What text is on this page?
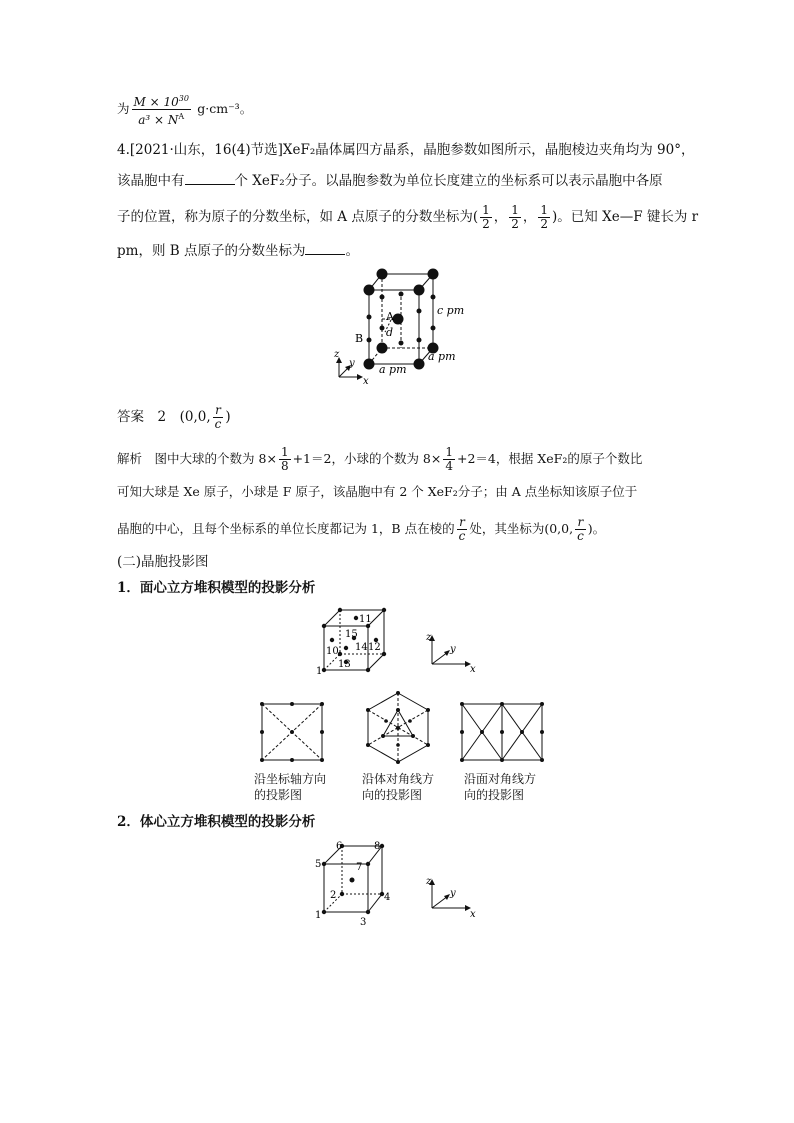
为 $\frac{M \times 10^{30}}{a^3 \times N^A} g\cdot cm^{-3}$。
4.[2021·山东，16(4)节选]XeF₂晶体属四方晶系，晶胞参数如图所示，晶胞棱边夹角均为 90°，
该晶胞中有	个 XeF₂分子。以晶胞参数为单位长度建立的坐标系可以表示晶胞中各原
子的位置，称为原子的分数坐标，如 A 点原子的分数坐标为( $\frac{1}{2}$ ， $\frac{1}{2}$ ， $\frac{1}{2}$ )。已知 Xe—F 键长为 r
pm，则 B 点原子的分数坐标为	。
A
B d
c pm
a pm
a pm
z
y
x
答案　 2　(0,0, $\frac{r}{c}$ )
解析　 图中大球的个数为 $8\times \frac{1}{8} +1=2$，小球的个数为 $8\times \frac{1}{4} +2=4$，根据 XeF₂的原子个数比
可知大球是 Xe 原子，小球是 F 原子，该晶胞中有 2 个 XeF₂分子；由 A 点坐标知该原子位于
晶胞的中心，且每个坐标系的单位长度都记为 1，B 点在棱的 $\frac{r}{c}$ 处，其坐标为(0,0, $\frac{r}{c}$ )。
(二)晶胞投影图
1．面心立方堆积模型的投影分析
11
15
10 14 12
13
1
z
y
x
沿坐标轴方向
的投影图
沿体对角线方
向的投影图
沿面对角线方
向的投影图
2．体心立方堆积模型的投影分析
6	8
5	7
2	4
1
3
z
y
x
